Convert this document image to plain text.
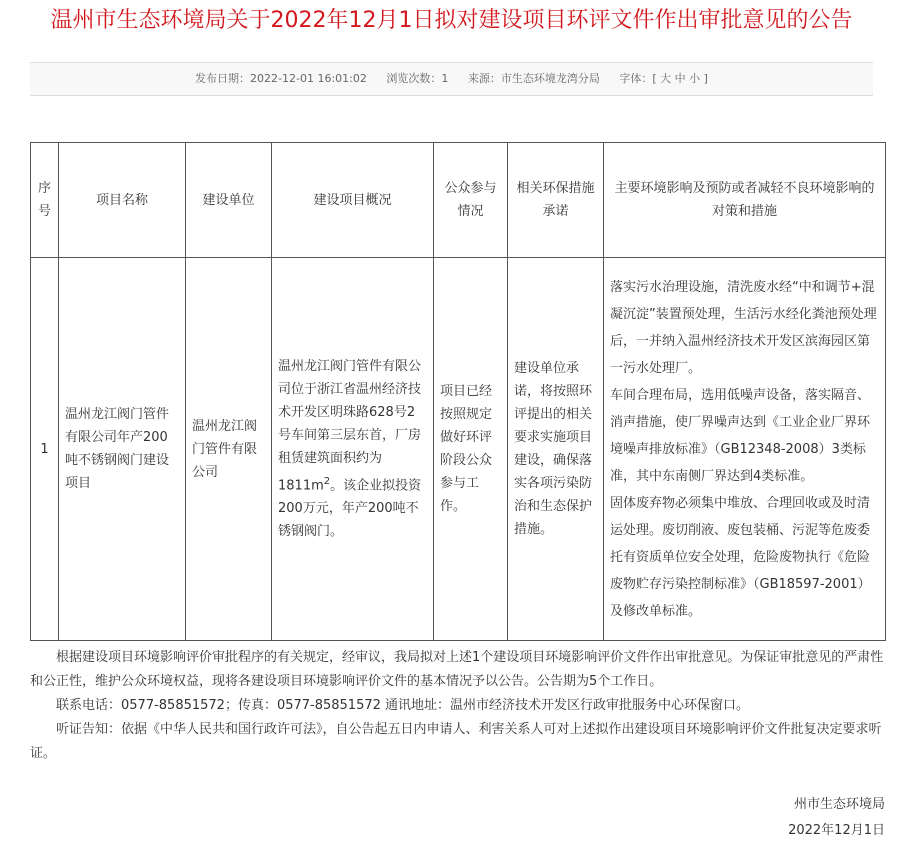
温州市生态环境局关于2022年12月1日拟对建设项目环评文件作出审批意见的公告
发布日期：2022-12-01 16:01:02 浏览次数：1 来源：市生态环境龙湾分局 字体：[ 大 中 小 ]
序号	项目名称	建设单位	建设项目概况	公众参与情况	相关环保措施承诺	主要环境影响及预防或者减轻不良环境影响的对策和措施
1	温州龙江阀门管件有限公司年产200吨不锈钢阀门建设项目	温州龙江阀门管件有限公司	温州龙江阀门管件有限公司位于浙江省温州经济技术开发区明珠路628号2号车间第三层东首，厂房租赁建筑面积约为$1811m^2$。该企业拟投资200万元，年产200吨不锈钢阀门。	项目已经按照规定做好环评阶段公众参与工作。	建设单位承诺，将按照环评提出的相关要求实施项目建设，确保落实各项污染防治和生态保护措施。	落实污水治理设施，清洗废水经“中和调节+混凝沉淀”装置预处理，生活污水经化粪池预处理后，一并纳入温州经济技术开发区滨海园区第一污水处理厂。

车间合理布局，选用低噪声设备，落实隔音、消声措施，使厂界噪声达到《工业企业厂界环境噪声排放标准》（GB12348-2008）3类标准，其中东南侧厂界达到4类标准。

固体废弃物必须集中堆放、合理回收或及时清运处理。废切削液、废包装桶、污泥等危废委托有资质单位安全处理，危险废物执行《危险废物贮存污染控制标准》（GB18597-2001）及修改单标准。

根据建设项目环境影响评价审批程序的有关规定，经审议，我局拟对上述1个建设项目环境影响评价文件作出审批意见。为保证审批意见的严肃性和公正性，维护公众环境权益，现将各建设项目环境影响评价文件的基本情况予以公告。公告期为5个工作日。

联系电话：0577-85851572；传真：0577-85851572 通讯地址：温州市经济技术开发区行政审批服务中心环保窗口。

听证告知：依据《中华人民共和国行政许可法》，自公告起五日内申请人、利害关系人可对上述拟作出建设项目环境影响评价文件批复决定要求听证。

州市生态环境局
2022年12月1日
